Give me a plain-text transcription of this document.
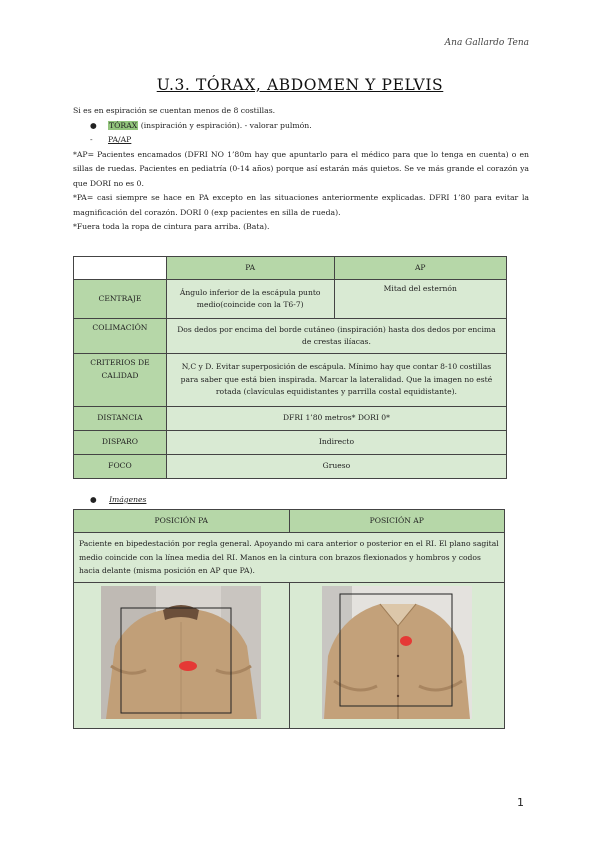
Ana Gallardo Tena
U.3. TÓRAX, ABDOMEN Y PELVIS
Si es en espiración se cuentan menos de 8 costillas.
● TÓRAX (inspiración y espiración). - valorar pulmón.
- PA/AP
*AP= Pacientes encamados (DFRI NO 1’80m hay que apuntarlo para el médico para que lo tenga en cuenta) o en sillas de ruedas. Pacientes en pediatría (0-14 años) porque así estarán más quietos. Se ve más grande el corazón ya que DORI no es 0.
*PA= casi siempre se hace en PA excepto en las situaciones anteriormente explicadas. DFRI 1’80 para evitar la magnificación del corazón. DORI 0 (exp pacientes en silla de rueda).
*Fuera toda la ropa de cintura para arriba. (Bata).
	PA	AP
CENTRAJE	Ángulo inferior de la escápula punto medio(coincide con la T6-7)	Mitad del esternón
COLIMACIÓN	Dos dedos por encima del borde cutáneo (inspiración) hasta dos dedos por encima de crestas ilíacas.	
CRITERIOS DE CALIDAD	N,C y D. Evitar superposición de escápula. Mínimo hay que contar 8-10 costillas para saber que está bien inspirada. Marcar la lateralidad. Que la imagen no esté rotada (clavículas equidistantes y parrilla costal equidistante).	
DISTANCIA	DFRI 1’80 metros* DORI 0*	
DISPARO	Indirecto	
FOCO	Grueso	
● Imágenes
POSICIÓN PA	POSICIÓN AP
Paciente en bipedestación por regla general. Apoyando mi cara anterior o posterior en el RI. El plano sagital medio coincide con la línea media del RI. Manos en la cintura con brazos flexionados y hombros y codos hacia delante (misma posición en AP que PA).	

1
